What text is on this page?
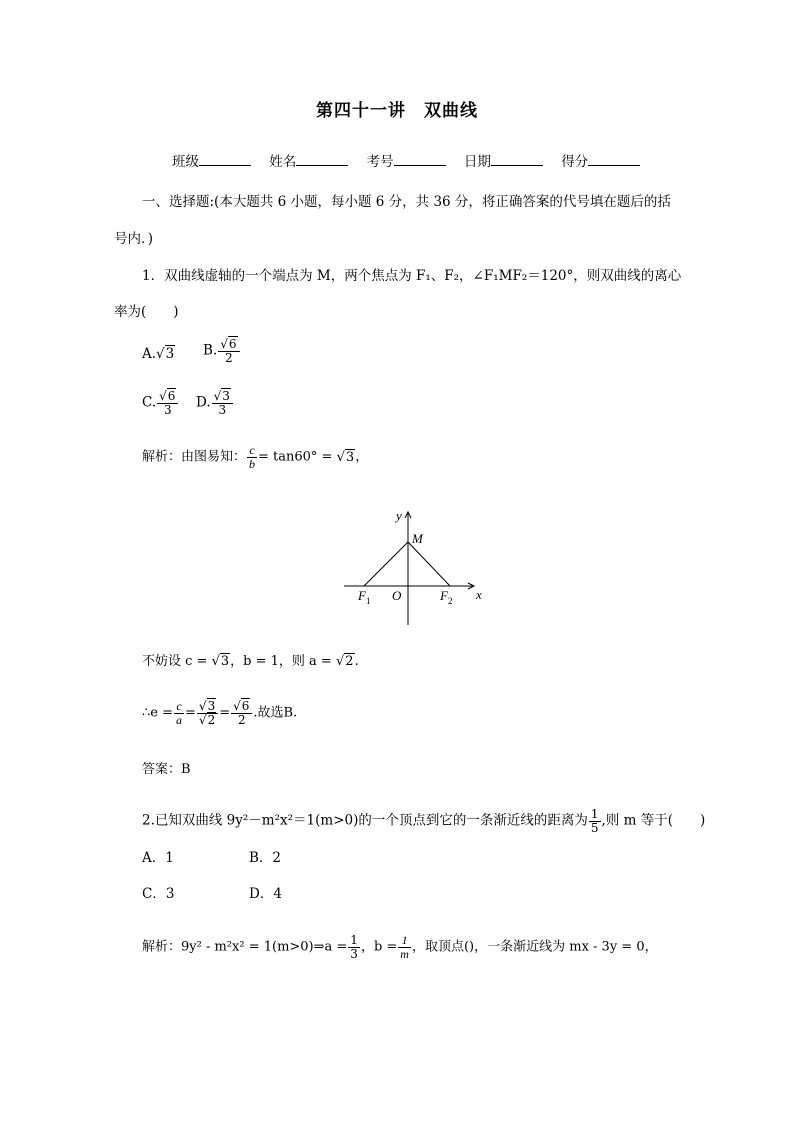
第四十一讲　双曲线
班级	姓名	考号	日期	得分
一、选择题:(本大题共 6 小题，每小题 6 分，共 36 分，将正确答案的代号填在题后的括
号内．)
1．双曲线虚轴的一个端点为 M，两个焦点为 F₁、F₂，∠F₁MF₂＝120°，则双曲线的离心
率为(　　)
A.√3 B. $\frac{√6}{2}$
C. $\frac{√6}{3} D$. $\frac{√3}{3}$
解析：由图易知： $\frac{c}{b} = \tan 60^\circ = √3$，
y
x
M
O
F 1	F 2
不妨设 c = √3，b = 1，则 a = √2.
∴e = $\frac{c}{a} = \frac{√3}{√2} = \frac{√6}{2}$ .故选B.
答案：B
2.已知双曲线 9y²－m²x²＝1(m>0)的一个顶点到它的一条渐近线的距离为 $\frac{1}{5}$ ,则 m 等于(　　)
A．1	B．2
C．3	D．4
解析：9y² - m²x² = 1(m>0)⇒a = $\frac{1}{3}$ ，$b = \frac{1}{m}$ ，取顶点()，一条渐近线为 mx - 3y = 0，
